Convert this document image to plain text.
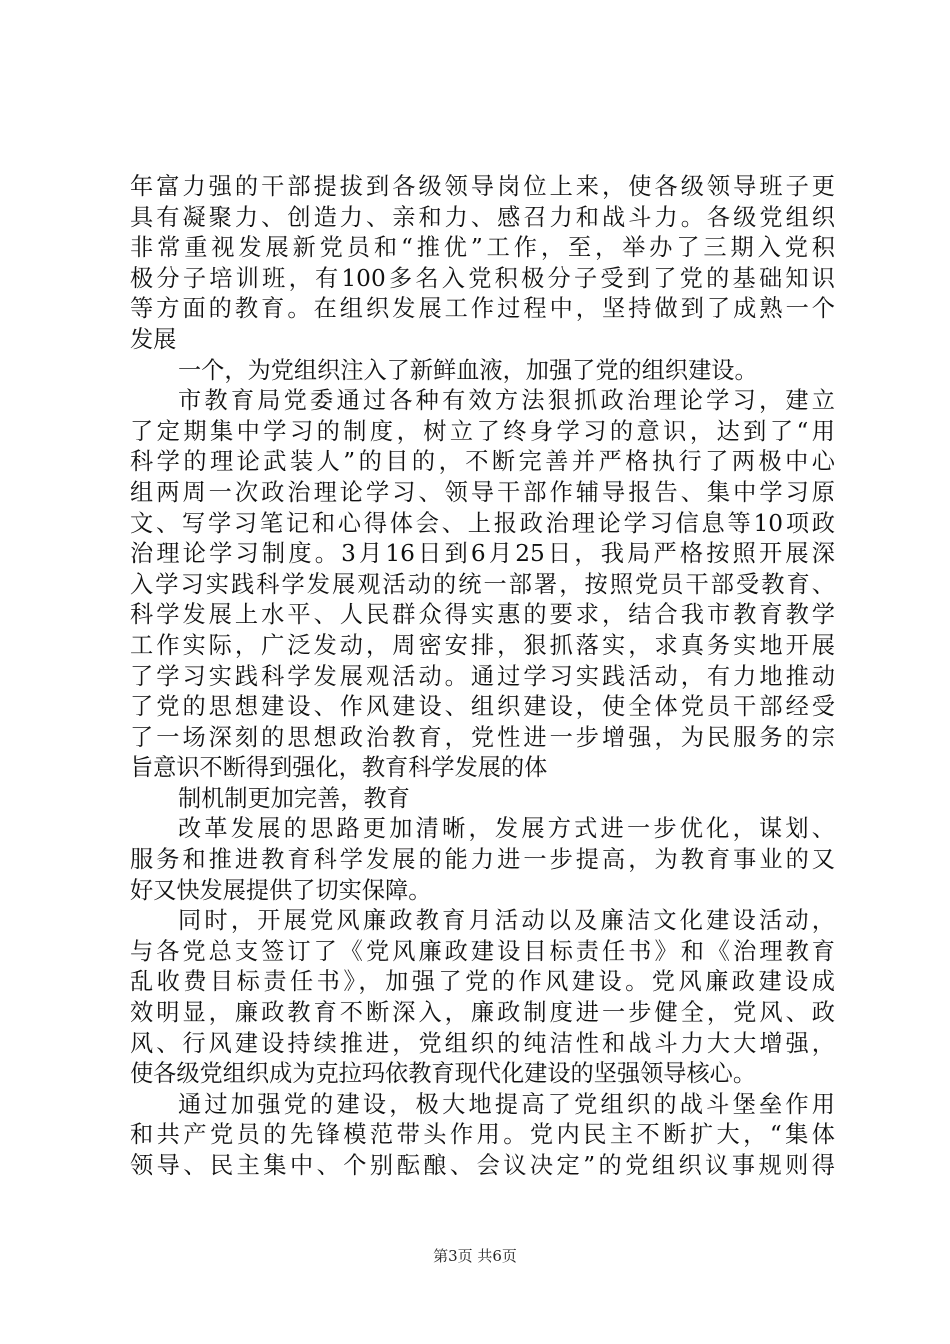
年富力强的干部提拔到各级领导岗位上来，使各级领导班子更
具有凝聚力、创造力、亲和力、感召力和战斗力。各级党组织
非常重视发展新党员和“推优”工作，至，举办了三期入党积
极分子培训班，有100多名入党积极分子受到了党的基础知识
等方面的教育。在组织发展工作过程中，坚持做到了成熟一个
发展
一个，为党组织注入了新鲜血液，加强了党的组织建设。
市教育局党委通过各种有效方法狠抓政治理论学习，建立
了定期集中学习的制度，树立了终身学习的意识，达到了“用
科学的理论武装人”的目的，不断完善并严格执行了两极中心
组两周一次政治理论学习、领导干部作辅导报告、集中学习原
文、写学习笔记和心得体会、上报政治理论学习信息等10项政
治理论学习制度。3月16日到6月25日，我局严格按照开展深
入学习实践科学发展观活动的统一部署，按照党员干部受教育、
科学发展上水平、人民群众得实惠的要求，结合我市教育教学
工作实际，广泛发动，周密安排，狠抓落实，求真务实地开展
了学习实践科学发展观活动。通过学习实践活动，有力地推动
了党的思想建设、作风建设、组织建设，使全体党员干部经受
了一场深刻的思想政治教育，党性进一步增强，为民服务的宗
旨意识不断得到强化，教育科学发展的体
制机制更加完善，教育
改革发展的思路更加清晰，发展方式进一步优化，谋划、
服务和推进教育科学发展的能力进一步提高，为教育事业的又
好又快发展提供了切实保障。
同时，开展党风廉政教育月活动以及廉洁文化建设活动，
与各党总支签订了《党风廉政建设目标责任书》和《治理教育
乱收费目标责任书》，加强了党的作风建设。党风廉政建设成
效明显，廉政教育不断深入，廉政制度进一步健全，党风、政
风、行风建设持续推进，党组织的纯洁性和战斗力大大增强，
使各级党组织成为克拉玛依教育现代化建设的坚强领导核心。
通过加强党的建设，极大地提高了党组织的战斗堡垒作用
和共产党员的先锋模范带头作用。党内民主不断扩大，“集体
领导、民主集中、个别酝酿、会议决定”的党组织议事规则得
第3页 共6页
